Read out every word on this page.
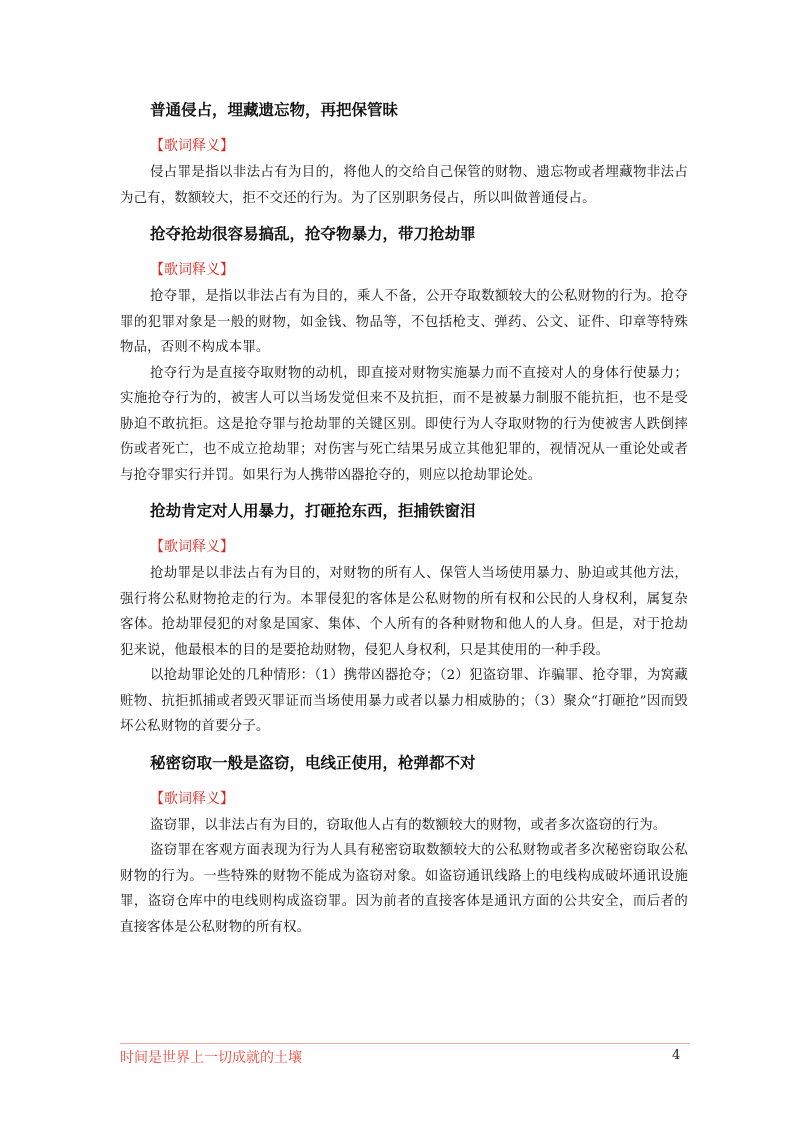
普通侵占，埋藏遗忘物，再把保管昧
【歌词释义】

侵占罪是指以非法占有为目的，将他人的交给自己保管的财物、遗忘物或者埋藏物非法占为己有，数额较大，拒不交还的行为。为了区别职务侵占，所以叫做普通侵占。

抢夺抢劫很容易搞乱，抢夺物暴力，带刀抢劫罪
【歌词释义】

抢夺罪，是指以非法占有为目的，乘人不备，公开夺取数额较大的公私财物的行为。抢夺罪的犯罪对象是一般的财物，如金钱、物品等，不包括枪支、弹药、公文、证件、印章等特殊物品，否则不构成本罪。

抢夺行为是直接夺取财物的动机，即直接对财物实施暴力而不直接对人的身体行使暴力；实施抢夺行为的，被害人可以当场发觉但来不及抗拒，而不是被暴力制服不能抗拒，也不是受胁迫不敢抗拒。这是抢夺罪与抢劫罪的关键区别。即使行为人夺取财物的行为使被害人跌倒摔伤或者死亡，也不成立抢劫罪；对伤害与死亡结果另成立其他犯罪的，视情况从一重论处或者与抢夺罪实行并罚。如果行为人携带凶器抢夺的，则应以抢劫罪论处。

抢劫肯定对人用暴力，打砸抢东西，拒捕铁窗泪
【歌词释义】

抢劫罪是以非法占有为目的，对财物的所有人、保管人当场使用暴力、胁迫或其他方法，强行将公私财物抢走的行为。本罪侵犯的客体是公私财物的所有权和公民的人身权利，属复杂客体。抢劫罪侵犯的对象是国家、集体、个人所有的各种财物和他人的人身。但是，对于抢劫犯来说，他最根本的目的是要抢劫财物，侵犯人身权利，只是其使用的一种手段。

以抢劫罪论处的几种情形：（1）携带凶器抢夺；（2）犯盗窃罪、诈骗罪、抢夺罪，为窝藏赃物、抗拒抓捕或者毁灭罪证而当场使用暴力或者以暴力相威胁的；（3）聚众“打砸抢”因而毁坏公私财物的首要分子。

秘密窃取一般是盗窃，电线正使用，枪弹都不对
【歌词释义】

盗窃罪，以非法占有为目的，窃取他人占有的数额较大的财物，或者多次盗窃的行为。

盗窃罪在客观方面表现为行为人具有秘密窃取数额较大的公私财物或者多次秘密窃取公私财物的行为。一些特殊的财物不能成为盗窃对象。如盗窃通讯线路上的电线构成破坏通讯设施罪，盗窃仓库中的电线则构成盗窃罪。因为前者的直接客体是通讯方面的公共安全，而后者的直接客体是公私财物的所有权。

时间是世界上一切成就的土壤	4
